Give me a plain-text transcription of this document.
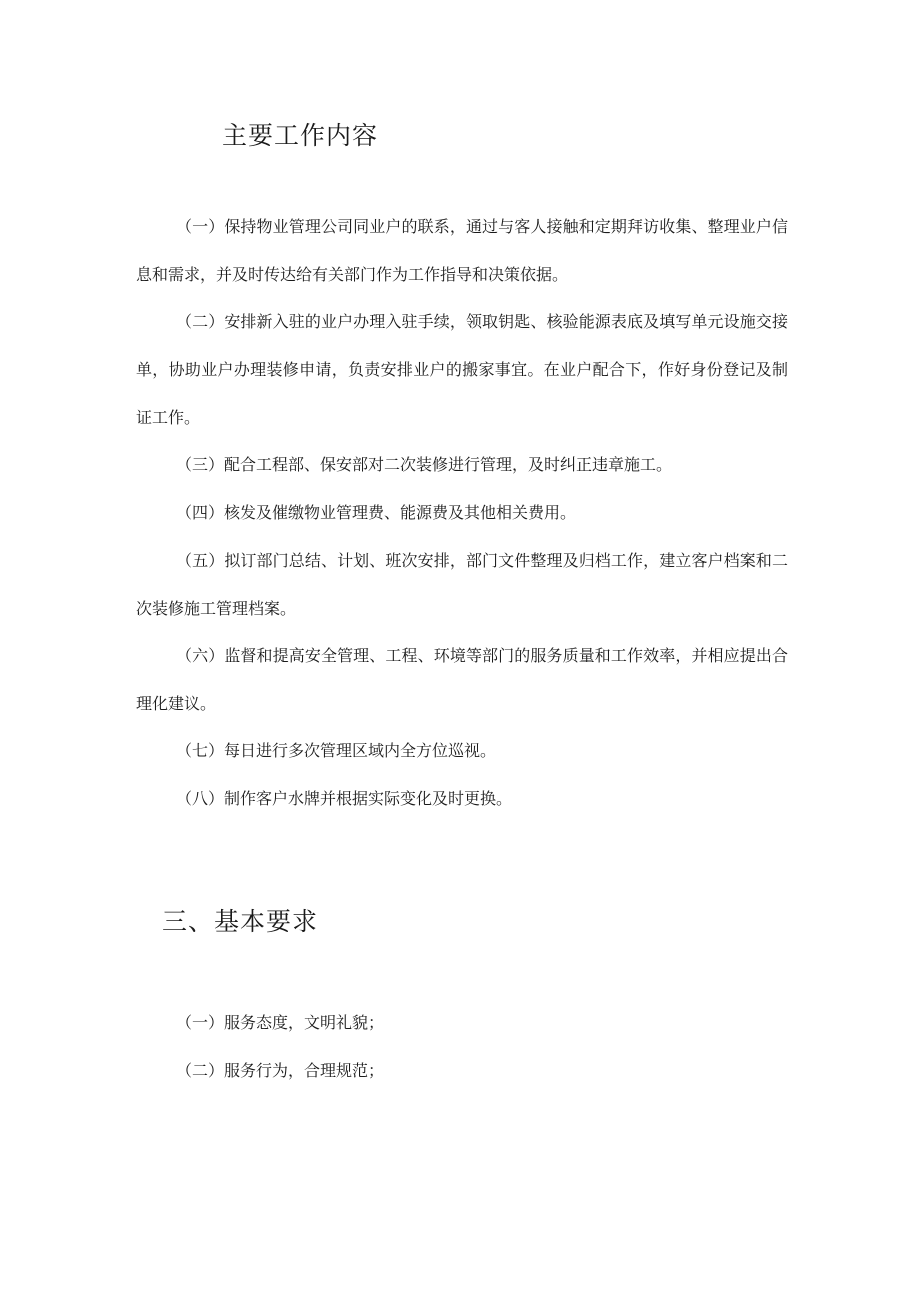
主要工作内容

（一）保持物业管理公司同业户的联系，通过与客人接触和定期拜访收集、整理业户信息和需求，并及时传达给有关部门作为工作指导和决策依据。

（二）安排新入驻的业户办理入驻手续，领取钥匙、核验能源表底及填写单元设施交接单，协助业户办理装修申请，负责安排业户的搬家事宜。在业户配合下，作好身份登记及制证工作。

（三）配合工程部、保安部对二次装修进行管理，及时纠正违章施工。

（四）核发及催缴物业管理费、能源费及其他相关费用。

（五）拟订部门总结、计划、班次安排，部门文件整理及归档工作，建立客户档案和二次装修施工管理档案。

（六）监督和提高安全管理、工程、环境等部门的服务质量和工作效率，并相应提出合理化建议。

（七）每日进行多次管理区域内全方位巡视。

（八）制作客户水牌并根据实际变化及时更换。

三、基本要求

（一）服务态度，文明礼貌；

（二）服务行为，合理规范；
